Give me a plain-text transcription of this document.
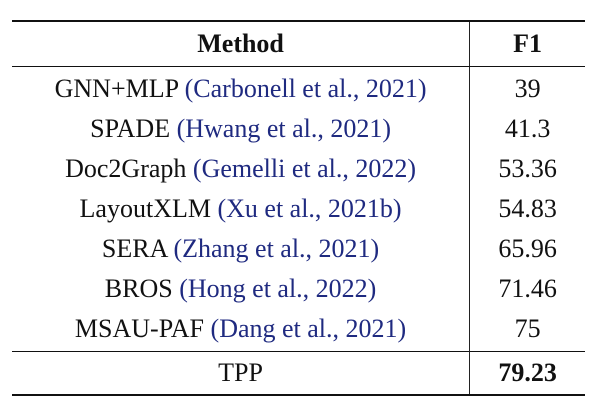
Method	F1
GNN+MLP (Carbonell et al., 2021)	39
SPADE (Hwang et al., 2021)	41.3
Doc2Graph (Gemelli et al., 2022)	53.36
LayoutXLM (Xu et al., 2021b)	54.83
SERA (Zhang et al., 2021)	65.96
BROS (Hong et al., 2022)	71.46
MSAU-PAF (Dang et al., 2021)	75
TPP	79.23
